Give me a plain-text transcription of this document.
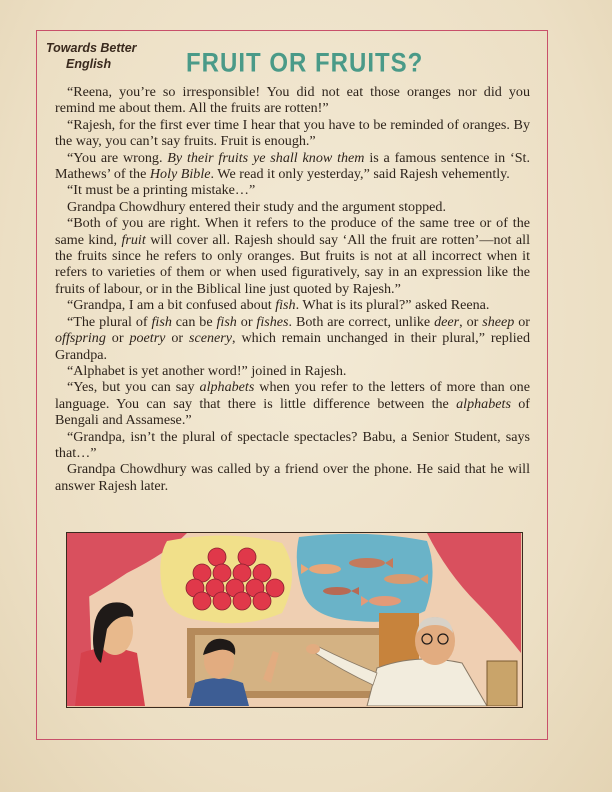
Towards Better
English	FRUIT OR FRUITS?

“Reena, you’re so irresponsible! You did not eat those oranges nor did you remind me about them. All the fruits are rotten!”

“Rajesh, for the first ever time I hear that you have to be reminded of oranges. By the way, you can’t say fruits. Fruit is enough.”

“You are wrong. By their fruits ye shall know them is a famous sentence in ‘St. Mathews’ of the Holy Bible. We read it only yesterday,” said Rajesh vehemently.

“It must be a printing mistake…”

Grandpa Chowdhury entered their study and the argument stopped.

“Both of you are right. When it refers to the produce of the same tree or of the same kind, fruit will cover all. Rajesh should say ‘All the fruit are rotten’—not all the fruits since he refers to only oranges. But fruits is not at all incorrect when it refers to varieties of them or when used figuratively, say in an expression like the fruits of labour, or in the Biblical line just quoted by Rajesh.”

“Grandpa, I am a bit confused about fish. What is its plural?” asked Reena.

“The plural of fish can be fish or fishes. Both are correct, unlike deer, or sheep or offspring or poetry or scenery, which remain unchanged in their plural,” replied Grandpa.

“Alphabet is yet another word!” joined in Rajesh.

“Yes, but you can say alphabets when you refer to the letters of more than one language. You can say that there is little difference between the alphabets of Bengali and Assamese.”

“Grandpa, isn’t the plural of spectacle spectacles? Babu, a Senior Student, says that…”

Grandpa Chowdhury was called by a friend over the phone. He said that he will answer Rajesh later.
